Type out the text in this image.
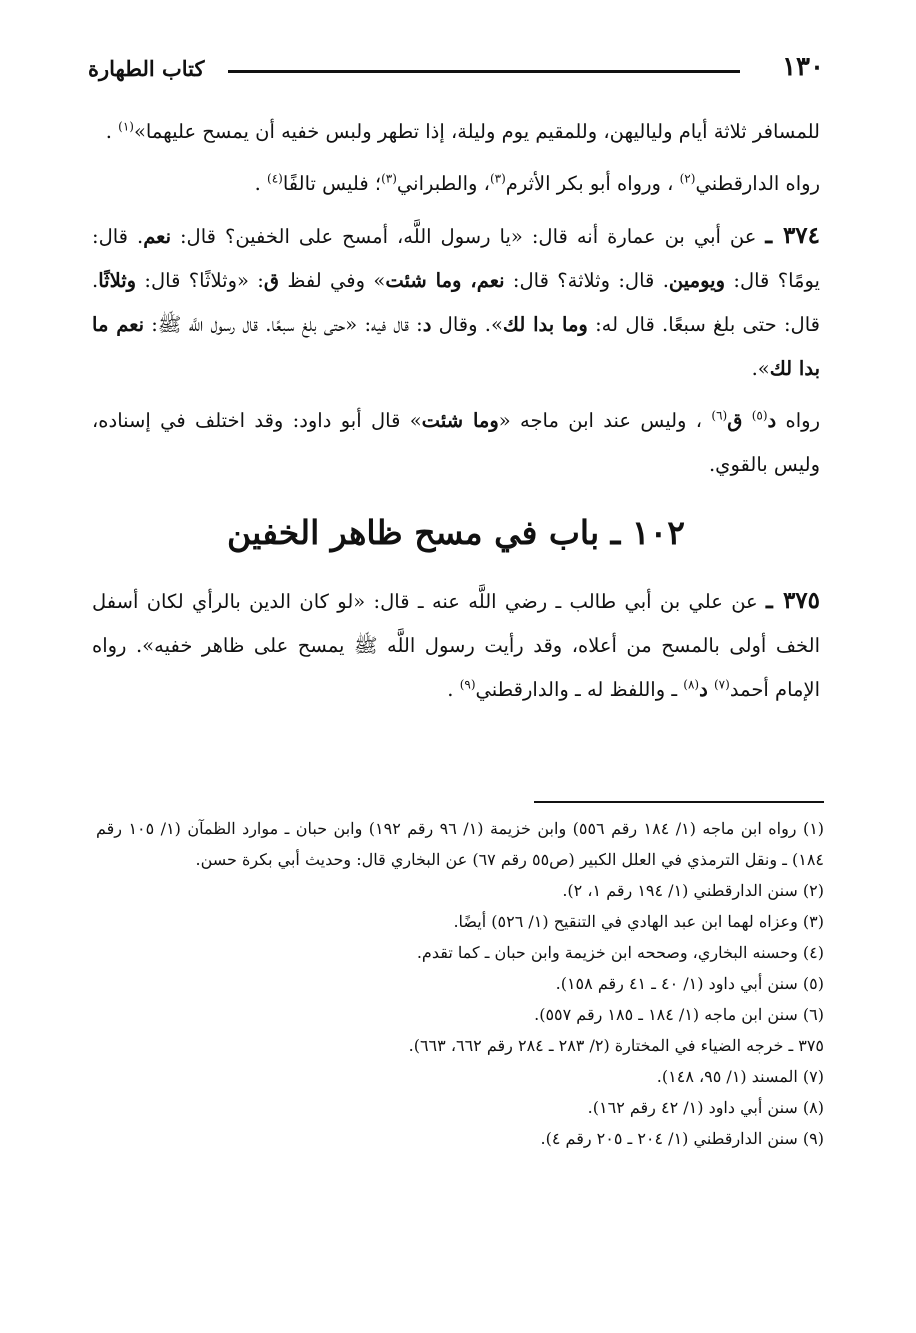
١٣٠
كتاب الطهارة

للمسافر ثلاثة أيام ولياليهن، وللمقيم يوم وليلة، إذا تطهر ولبس خفيه أن يمسح عليهما»$^{(١)}$ .

رواه الدارقطني$^{(٢)}$ ، ورواه أبو بكر الأثرم$^{(٣)}$، والطبراني$^{(٣)}$؛ فليس تالفًا$^{(٤)}$ .

٣٧٤ ـ عن أبي بن عمارة أنه قال: «يا رسول اللَّه، أمسح على الخفين؟ قال: نعم. قال: يومًا؟ قال: ويومين. قال: وثلاثة؟ قال: نعم، وما شئت» وفي لفظ ق: «وثلاثًا؟ قال: وثلاثًا. قال: حتى بلغ سبعًا. قال له: وما بدا لك». وقال د: قال فيه: «حتى بلغ سبعًا. قال رسول اللَّه ﷺ: نعم ما بدا لك».

رواه د$^{(٥)}$ ق$^{(٦)}$ ، وليس عند ابن ماجه «وما شئت» قال أبو داود: وقد اختلف في إسناده، وليس بالقوي.

١٠٢ ـ باب في مسح ظاهر الخفين

٣٧٥ ـ عن علي بن أبي طالب ـ رضي اللَّه عنه ـ قال: «لو كان الدين بالرأي لكان أسفل الخف أولى بالمسح من أعلاه، وقد رأيت رسول اللَّه ﷺ يمسح على ظاهر خفيه». رواه الإمام أحمد$^{(٧)}$ د$^{(٨)}$ ـ واللفظ له ـ والدارقطني$^{(٩)}$ .

(١) رواه ابن ماجه (١/ ١٨٤ رقم ٥٥٦) وابن خزيمة (١/ ٩٦ رقم ١٩٢) وابن حبان ـ موارد الظمآن (١/ ١٠٥ رقم ١٨٤) ـ ونقل الترمذي في العلل الكبير (ص٥٥ رقم ٦٧) عن البخاري قال: وحديث أبي بكرة حسن.

(٢) سنن الدارقطني (١/ ١٩٤ رقم ١، ٢).

(٣) وعزاه لهما ابن عبد الهادي في التنقيح (١/ ٥٢٦) أيضًا.

(٤) وحسنه البخاري، وصححه ابن خزيمة وابن حبان ـ كما تقدم.

(٥) سنن أبي داود (١/ ٤٠ ـ ٤١ رقم ١٥٨).

(٦) سنن ابن ماجه (١/ ١٨٤ ـ ١٨٥ رقم ٥٥٧).

٣٧٥ ـ خرجه الضياء في المختارة (٢/ ٢٨٣ ـ ٢٨٤ رقم ٦٦٢، ٦٦٣).

(٧) المسند (١/ ٩٥، ١٤٨).

(٨) سنن أبي داود (١/ ٤٢ رقم ١٦٢).

(٩) سنن الدارقطني (١/ ٢٠٤ ـ ٢٠٥ رقم ٤).
